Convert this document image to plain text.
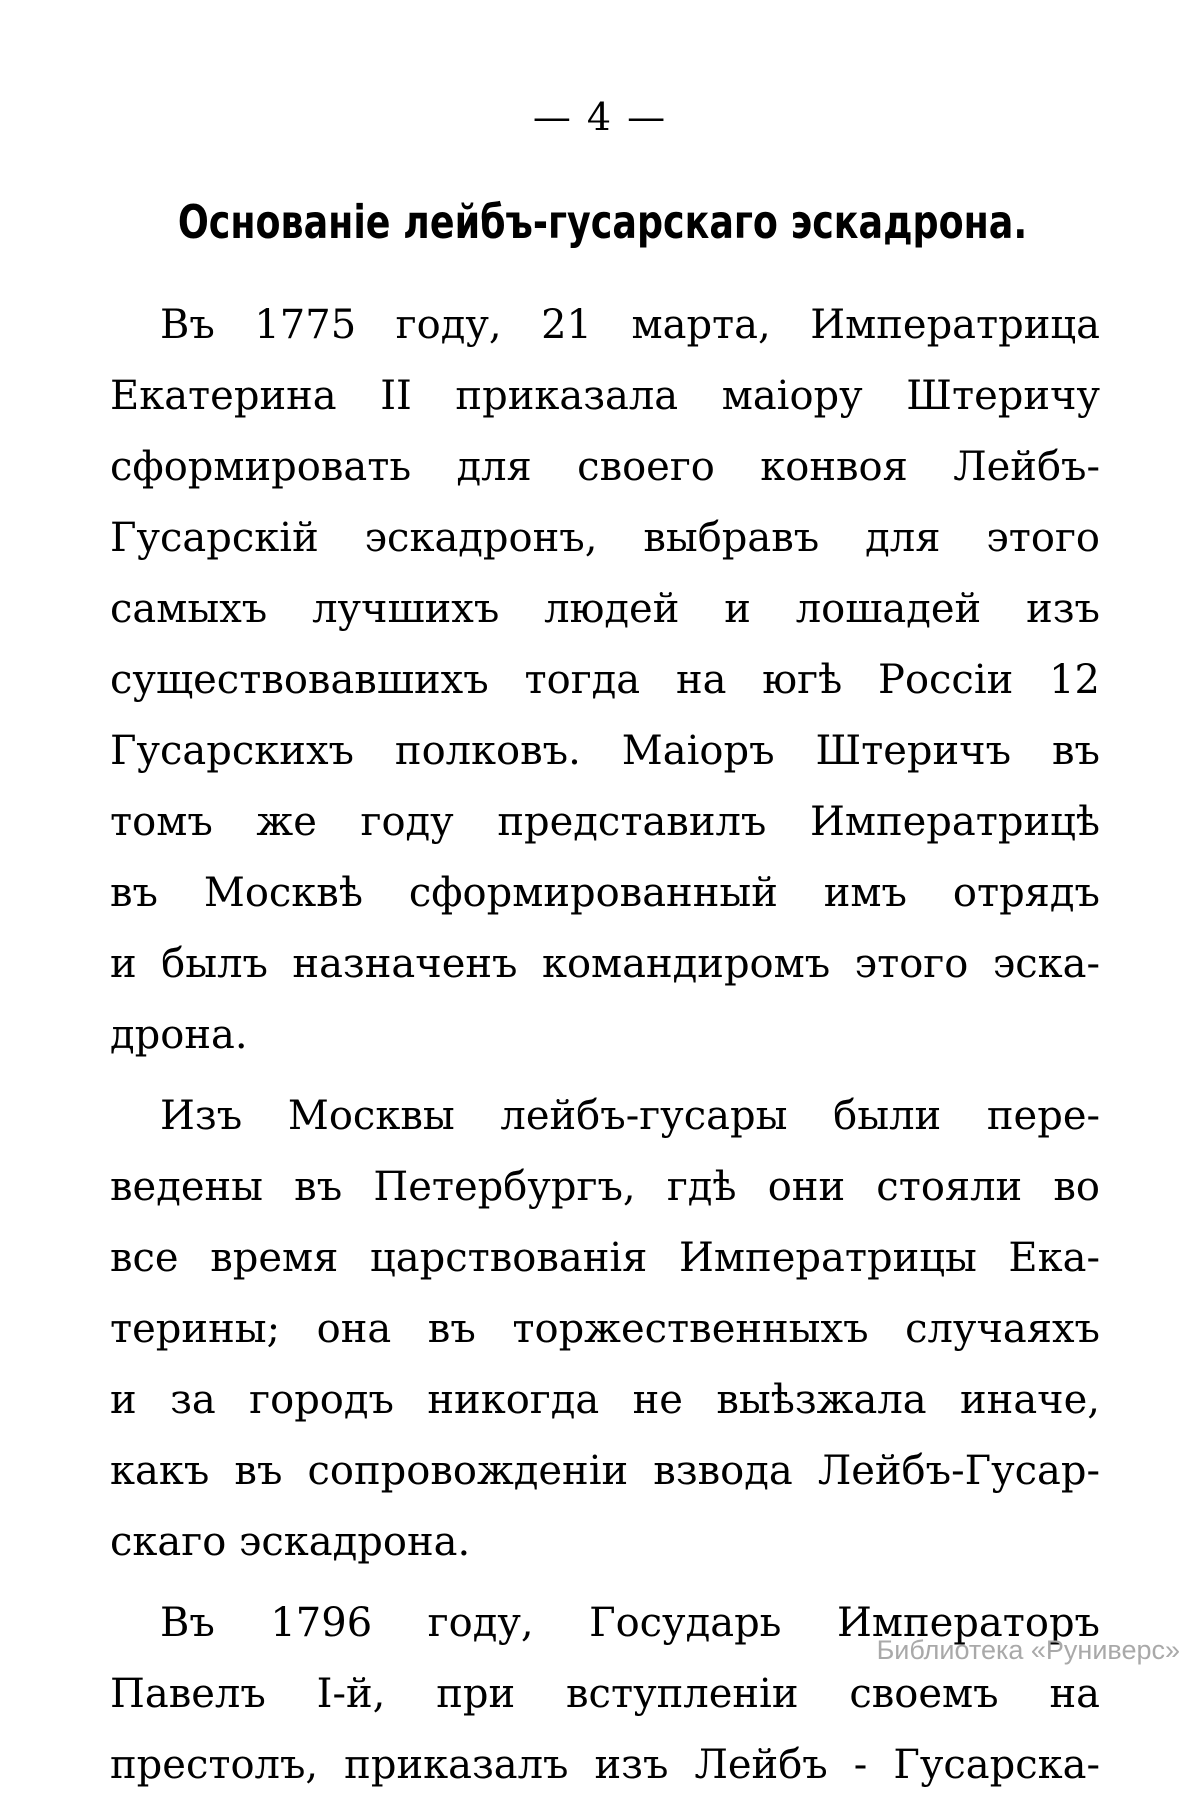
— 4 —
Основаніе лейбъ-гусарскаго эскадрона.
Въ 1775 году, 21 марта, Императрица
Екатерина II приказала маіору Штеричу
сформировать для своего конвоя Лейбъ-
Гусарскій эскадронъ, выбравъ для этого
самыхъ лучшихъ людей и лошадей изъ
существовавшихъ тогда на югѣ Россіи 12
Гусарскихъ полковъ. Маіоръ Штеричъ въ
томъ же году представилъ Императрицѣ
въ Москвѣ сформированный имъ отрядъ
и былъ назначенъ командиромъ этого эска-
дрона.
Изъ Москвы лейбъ-гусары были пере-
ведены въ Петербургъ, гдѣ они стояли во
все время царствованія Императрицы Ека-
терины; она въ торжественныхъ случаяхъ
и за городъ никогда не выѣзжала иначе,
какъ въ сопровожденіи взвода Лейбъ-Гусар-
скаго эскадрона.
Въ 1796 году, Государь Императоръ
Павелъ І-й, при вступленіи своемъ на
престолъ, приказалъ изъ Лейбъ - Гусарска-
Библиотека «Руниверс»
